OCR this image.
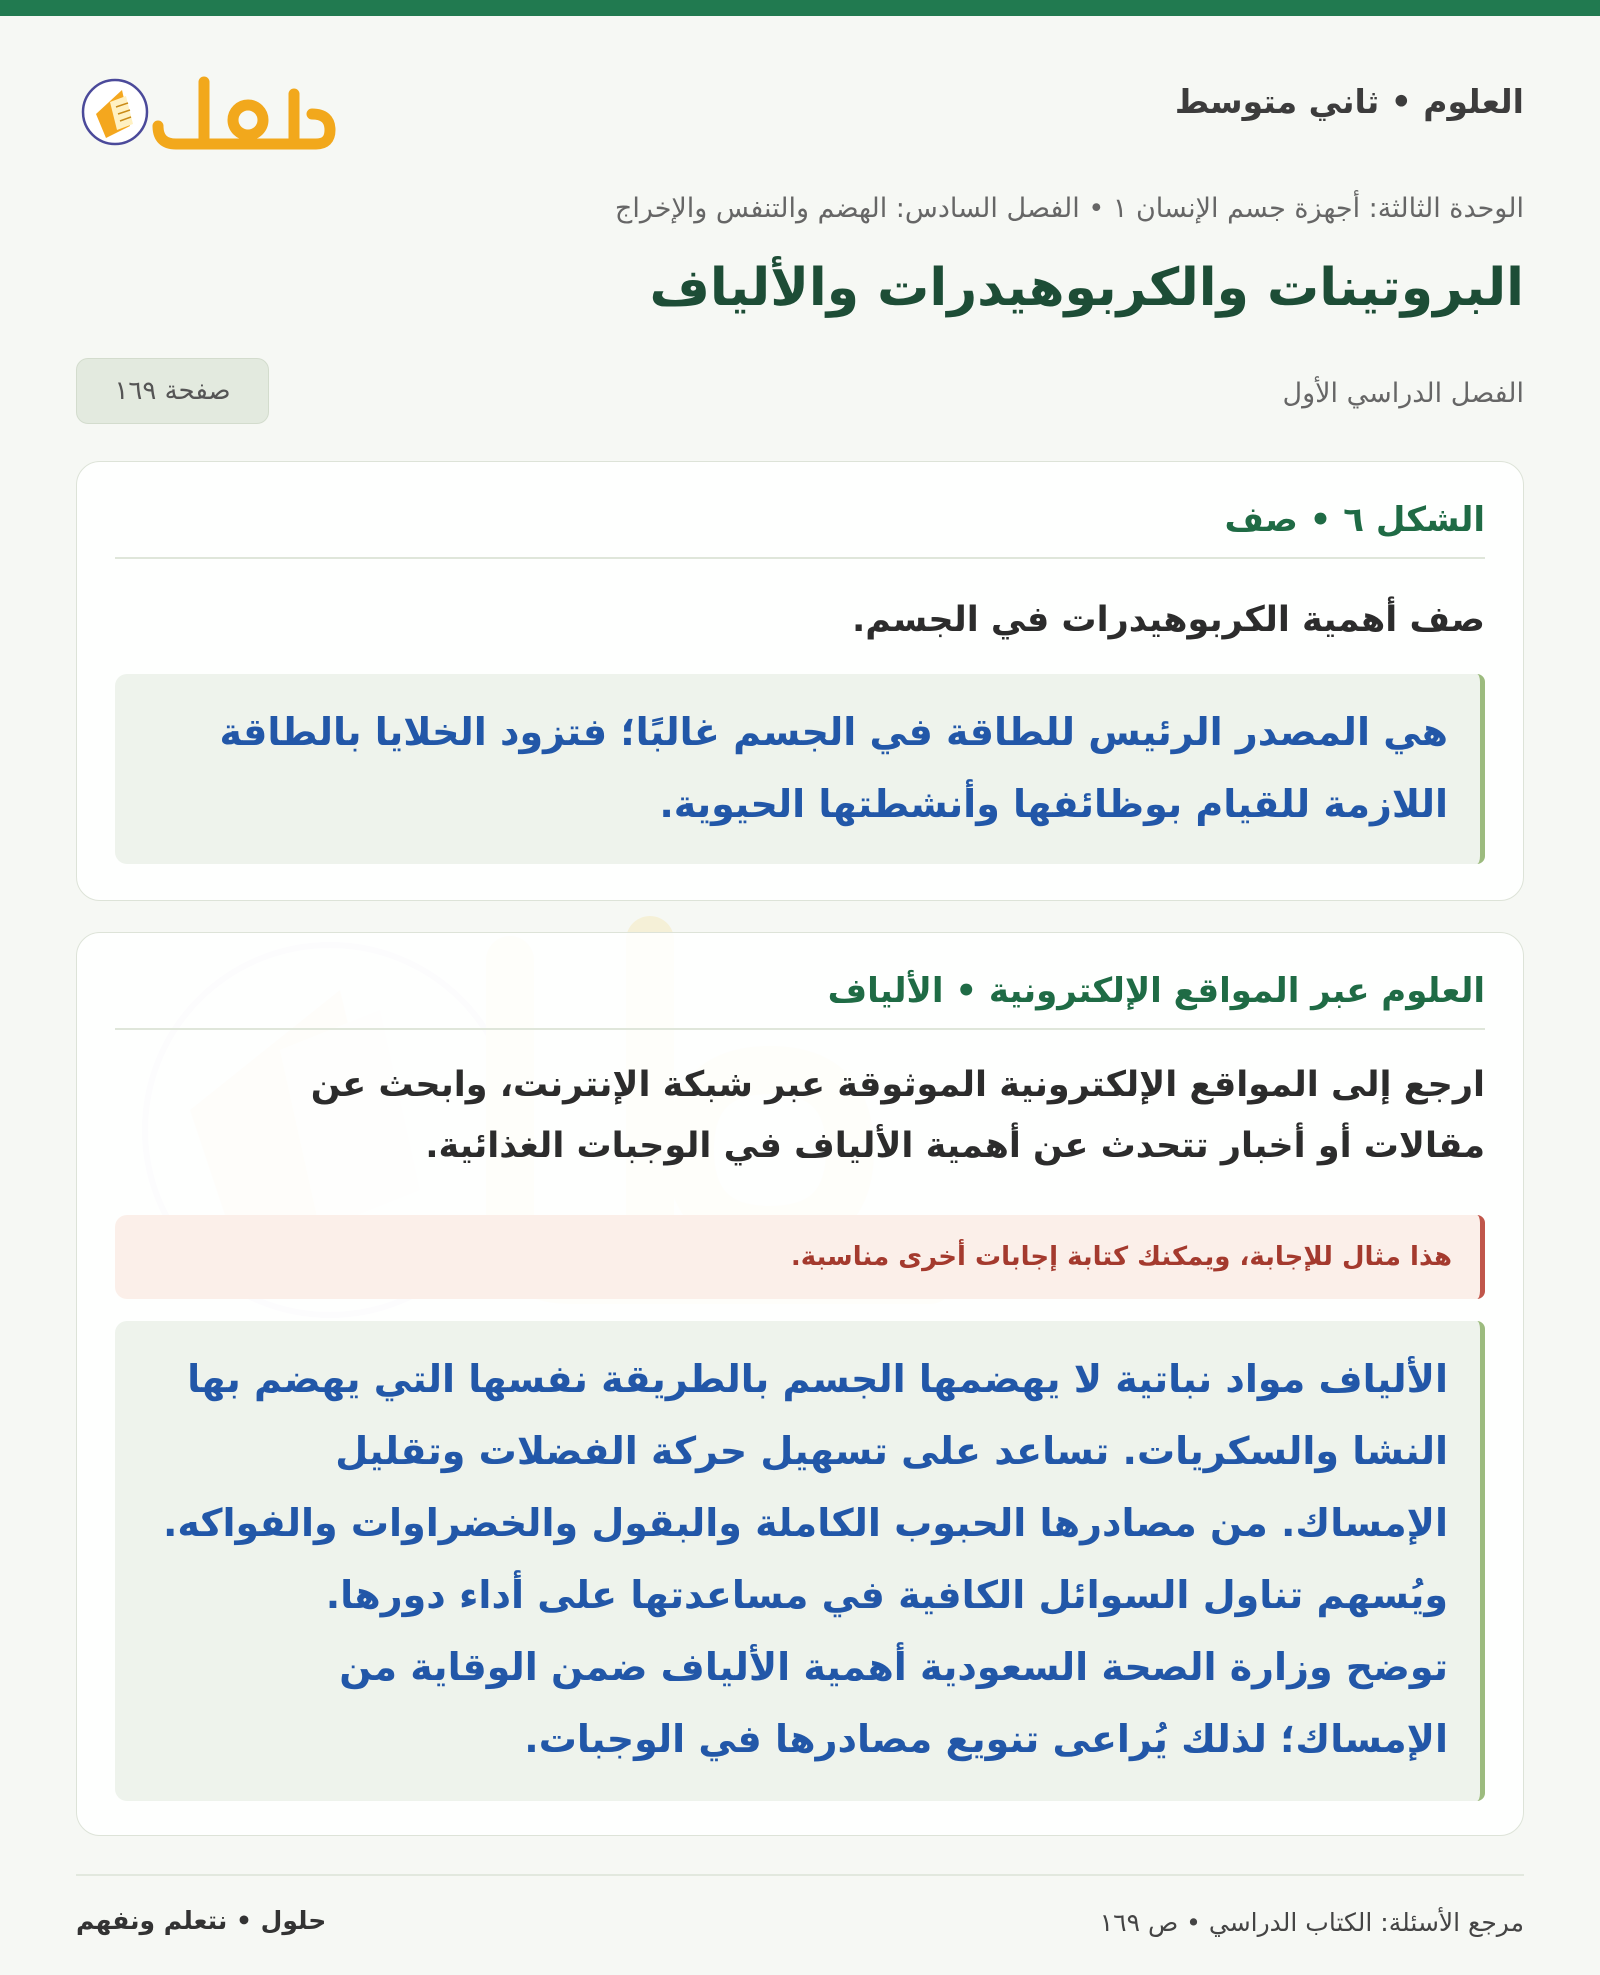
العلوم • ثاني متوسط
الوحدة الثالثة: أجهزة جسم الإنسان ١ • الفصل السادس: الهضم والتنفس والإخراج
البروتينات والكربوهيدرات والألياف
الفصل الدراسي الأول
صفحة ١٦٩
الشكل ٦ • صف

صف أهمية الكربوهيدرات في الجسم.

هي المصدر الرئيس للطاقة في الجسم غالبًا؛ فتزود الخلايا بالطاقة
اللازمة للقيام بوظائفها وأنشطتها الحيوية.
العلوم عبر المواقع الإلكترونية • الألياف
ارجع إلى المواقع الإلكترونية الموثوقة عبر شبكة الإنترنت، وابحث عن
مقالات أو أخبار تتحدث عن أهمية الألياف في الوجبات الغذائية.
هذا مثال للإجابة، ويمكنك كتابة إجابات أخرى مناسبة.
الألياف مواد نباتية لا يهضمها الجسم بالطريقة نفسها التي يهضم بها
النشا والسكريات. تساعد على تسهيل حركة الفضلات وتقليل
الإمساك. من مصادرها الحبوب الكاملة والبقول والخضراوات والفواكه.
ويُسهم تناول السوائل الكافية في مساعدتها على أداء دورها.
توضح وزارة الصحة السعودية أهمية الألياف ضمن الوقاية من
الإمساك؛ لذلك يُراعى تنويع مصادرها في الوجبات.
مرجع الأسئلة: الكتاب الدراسي • ص ١٦٩
حلول • نتعلم ونفهم
